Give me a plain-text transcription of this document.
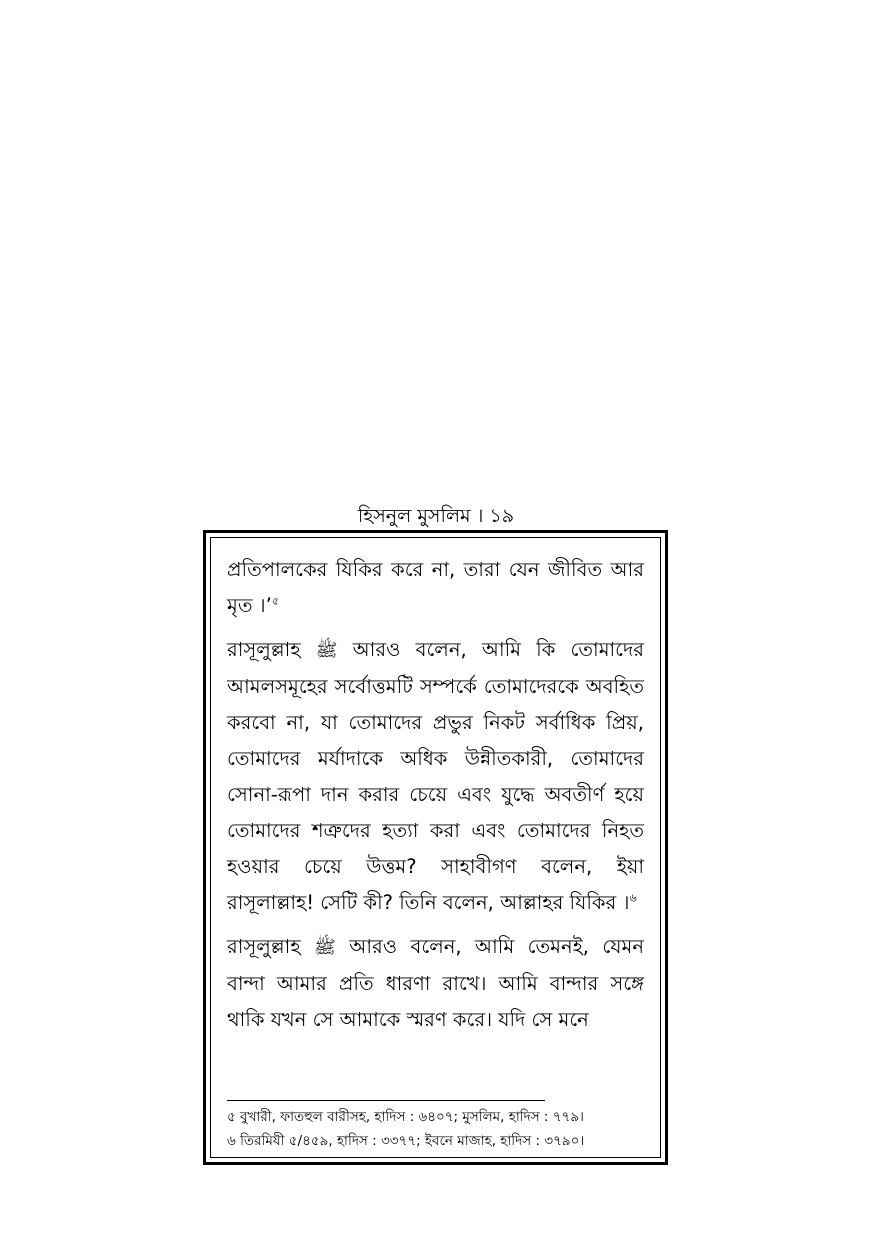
হিসনুল মুসলিম । ১৯

প্রতিপালকের যিকির করে না, তারা যেন জীবিত আর মৃত ।’$^৫$

রাসূলুল্লাহ ﷺ আরও বলেন, আমি কি তোমাদের আমলসমূহের সর্বোত্তমটি সম্পর্কে তোমাদেরকে অবহিত করবো না, যা তোমাদের প্রভুর নিকট সর্বাধিক প্রিয়, তোমাদের মর্যাদাকে অধিক উন্নীতকারী, তোমাদের সোনা-রূপা দান করার চেয়ে এবং যুদ্ধে অবতীর্ণ হয়ে তোমাদের শত্রুদের হত্যা করা এবং তোমাদের নিহত হওয়ার চেয়ে উত্তম? সাহাবীগণ বলেন, ইয়া রাসূলাল্লাহ! সেটি কী? তিনি বলেন, আল্লাহর যিকির ।$^৬$

রাসূলুল্লাহ ﷺ আরও বলেন, আমি তেমনই, যেমন বান্দা আমার প্রতি ধারণা রাখে। আমি বান্দার সঙ্গে থাকি যখন সে আমাকে স্মরণ করে। যদি সে মনে

৫ বুখারী, ফাতহুল বারীসহ, হাদিস : ৬৪০৭; মুসলিম, হাদিস : ৭৭৯।
৬ তিরমিযী ৫/৪৫৯, হাদিস : ৩৩৭৭; ইবনে মাজাহ, হাদিস : ৩৭৯০।
